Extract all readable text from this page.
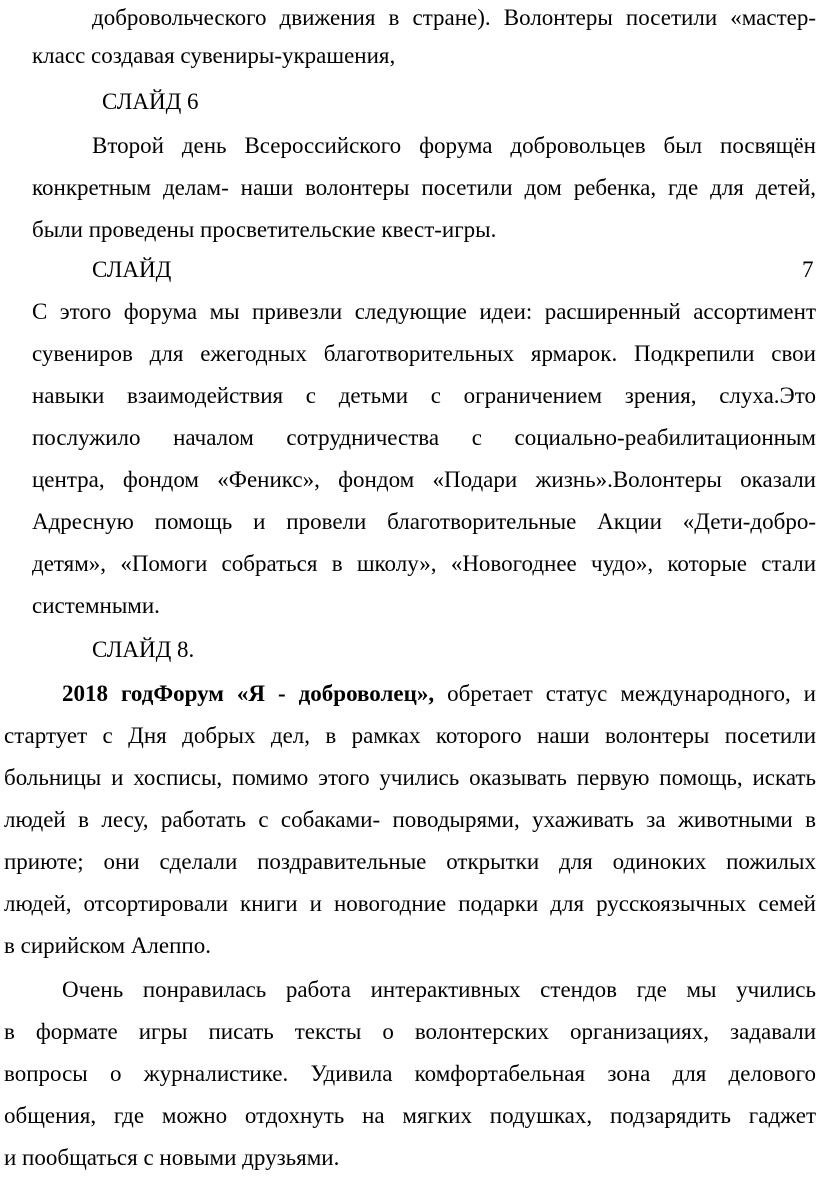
добровольческого движения в стране). Волонтеры посетили «мастер-
класс создавая сувениры-украшения,
СЛАЙД 6
Второй день Всероссийского форума добровольцев был посвящён
конкретным делам- наши волонтеры посетили дом ребенка, где для детей,
были проведены просветительские квест-игры.
СЛАЙД	7
С этого форума мы привезли следующие идеи: расширенный ассортимент
сувениров для ежегодных благотворительных ярмарок. Подкрепили свои
навыки взаимодействия с детьми с ограничением зрения, слуха.Это
послужило началом сотрудничества с социально-реабилитационным
центра, фондом «Феникс», фондом «Подари жизнь».Волонтеры оказали
Адресную помощь и провели благотворительные Акции «Дети-добро-
детям», «Помоги собраться в школу», «Новогоднее чудо», которые стали
системными.
СЛАЙД 8.
2018 годФорум «Я - доброволец», обретает статус международного, и
стартует с Дня добрых дел, в рамках которого наши волонтеры посетили
больницы и хосписы, помимо этого учились оказывать первую помощь, искать
людей в лесу, работать с собаками- поводырями, ухаживать за животными в
приюте; они сделали поздравительные открытки для одиноких пожилых
людей, отсортировали книги и новогодние подарки для русскоязычных семей
в сирийском Алеппо.
Очень понравилась работа интерактивных стендов где мы учились
в формате игры писать тексты о волонтерских организациях, задавали
вопросы о журналистике. Удивила комфортабельная зона для делового
общения, где можно отдохнуть на мягких подушках, подзарядить гаджет
и пообщаться с новыми друзьями.
